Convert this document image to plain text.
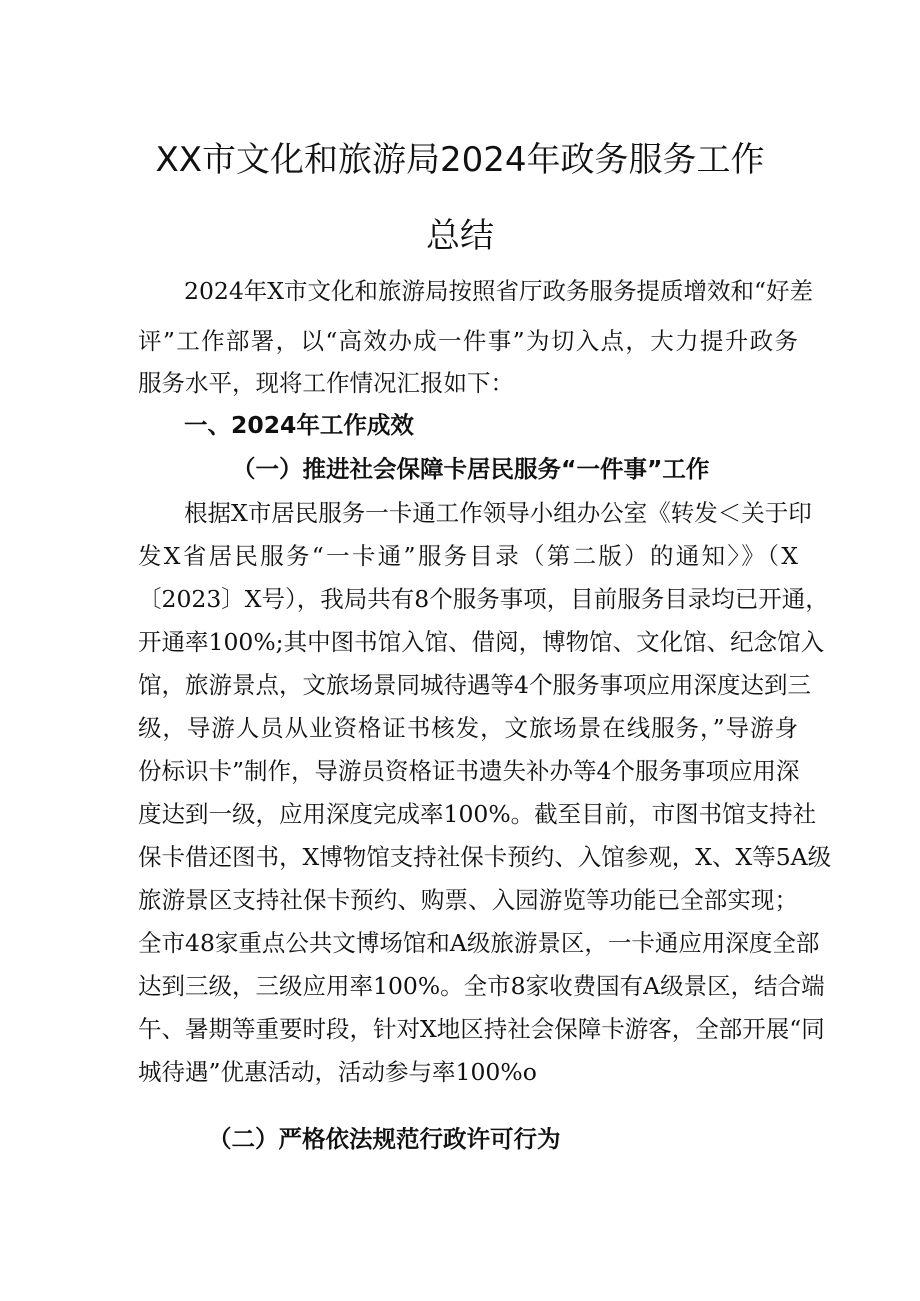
XX市文化和旅游局2024年政务服务工作
总结
2024年X市文化和旅游局按照省厅政务服务提质增效和“好差
评”工作部署，以“高效办成一件事”为切入点，大力提升政务
服务水平，现将工作情况汇报如下：
一、2024年工作成效
（一）推进社会保障卡居民服务“一件事”工作
根据X市居民服务一卡通工作领导小组办公室《转发＜关于印
发X省居民服务“一卡通”服务目录（第二版）的通知〉》（X
〔2023〕X号），我局共有8个服务事项，目前服务目录均已开通，
开通率100%;其中图书馆入馆、借阅，博物馆、文化馆、纪念馆入
馆，旅游景点，文旅场景同城待遇等4个服务事项应用深度达到三
级，导游人员从业资格证书核发，文旅场景在线服务，”导游身
份标识卡”制作，导游员资格证书遗失补办等4个服务事项应用深
度达到一级，应用深度完成率100%。截至目前，市图书馆支持社
保卡借还图书，X博物馆支持社保卡预约、入馆参观，X、X等5A级
旅游景区支持社保卡预约、购票、入园游览等功能已全部实现；
全市48家重点公共文博场馆和A级旅游景区，一卡通应用深度全部
达到三级，三级应用率100%。全市8家收费国有A级景区，结合端
午、暑期等重要时段，针对X地区持社会保障卡游客，全部开展“同
城待遇”优惠活动，活动参与率100%o
（二）严格依法规范行政许可行为
